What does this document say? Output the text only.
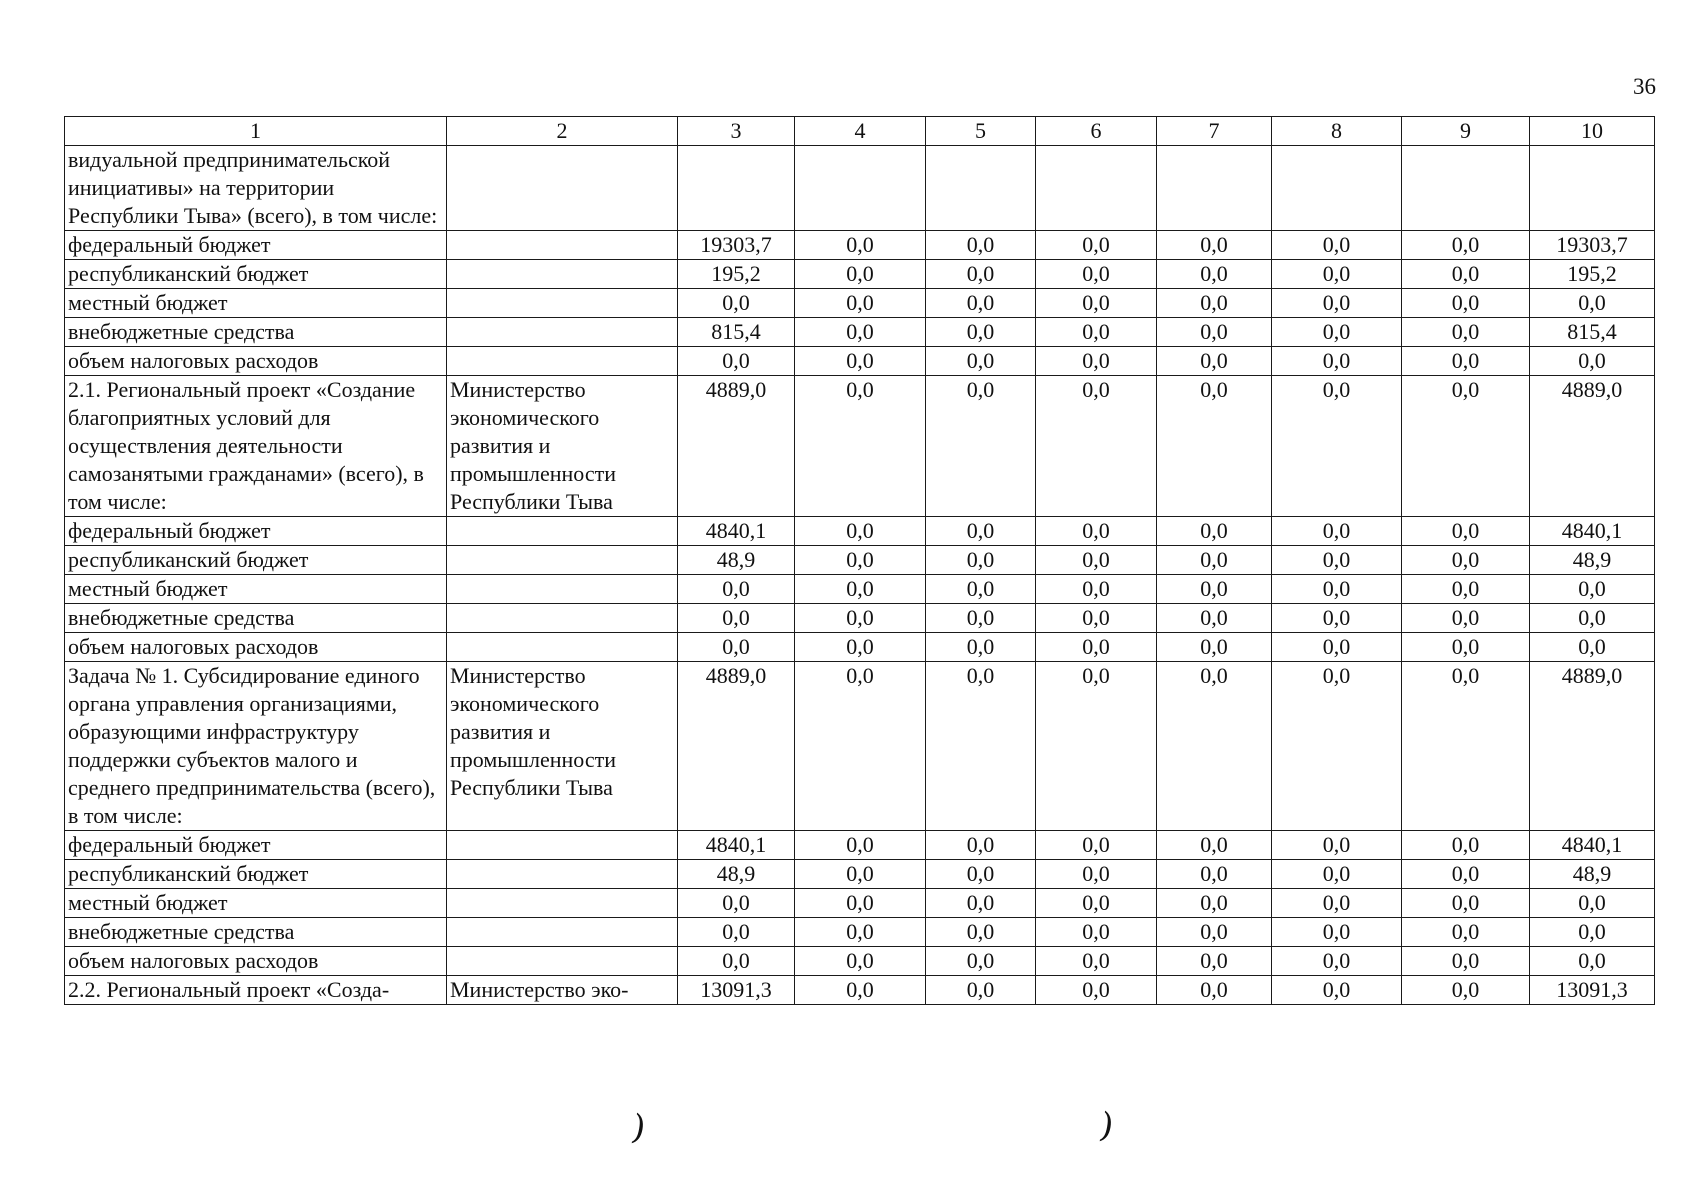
36
1	2	3	4	5	6	7	8	9	10
видуальной предпринимательской инициативы» на территории Республики Тыва» (всего), в том числе:									
федеральный бюджет		19303,7	0,0	0,0	0,0	0,0	0,0	0,0	19303,7
республиканский бюджет		195,2	0,0	0,0	0,0	0,0	0,0	0,0	195,2
местный бюджет		0,0	0,0	0,0	0,0	0,0	0,0	0,0	0,0
внебюджетные средства		815,4	0,0	0,0	0,0	0,0	0,0	0,0	815,4
объем налоговых расходов		0,0	0,0	0,0	0,0	0,0	0,0	0,0	0,0
2.1. Региональный проект «Создание благоприятных условий для осуществления деятельности самозанятыми гражданами» (всего), в том числе:	Министерство экономического развития и промышленности Республики Тыва	4889,0	0,0	0,0	0,0	0,0	0,0	0,0	4889,0
федеральный бюджет		4840,1	0,0	0,0	0,0	0,0	0,0	0,0	4840,1
республиканский бюджет		48,9	0,0	0,0	0,0	0,0	0,0	0,0	48,9
местный бюджет		0,0	0,0	0,0	0,0	0,0	0,0	0,0	0,0
внебюджетные средства		0,0	0,0	0,0	0,0	0,0	0,0	0,0	0,0
объем налоговых расходов		0,0	0,0	0,0	0,0	0,0	0,0	0,0	0,0
Задача № 1. Субсидирование единого органа управления организациями, образующими инфраструктуру поддержки субъектов малого и среднего предпринимательства (всего), в том числе:	Министерство экономического развития и промышленности Республики Тыва	4889,0	0,0	0,0	0,0	0,0	0,0	0,0	4889,0
федеральный бюджет		4840,1	0,0	0,0	0,0	0,0	0,0	0,0	4840,1
республиканский бюджет		48,9	0,0	0,0	0,0	0,0	0,0	0,0	48,9
местный бюджет		0,0	0,0	0,0	0,0	0,0	0,0	0,0	0,0
внебюджетные средства		0,0	0,0	0,0	0,0	0,0	0,0	0,0	0,0
объем налоговых расходов		0,0	0,0	0,0	0,0	0,0	0,0	0,0	0,0
2.2. Региональный проект «Созда-	Министерство эко-	13091,3	0,0	0,0	0,0	0,0	0,0	0,0	13091,3
)	)
